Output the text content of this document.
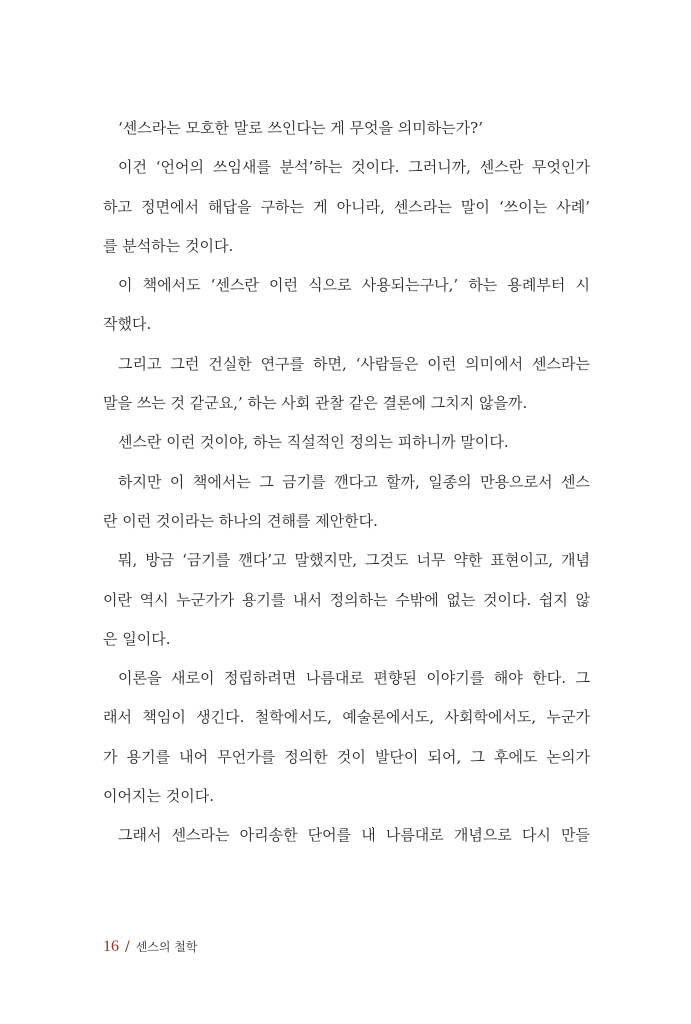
‘센스라는 모호한 말로 쓰인다는 게 무엇을 의미하는가?’
이건 ‘언어의 쓰임새를 분석’하는 것이다. 그러니까, 센스란 무엇인가
하고 정면에서 해답을 구하는 게 아니라, 센스라는 말이 ‘쓰이는 사례’
를 분석하는 것이다.
이 책에서도 ‘센스란 이런 식으로 사용되는구나,’ 하는 용례부터 시
작했다.
그리고 그런 건실한 연구를 하면, ‘사람들은 이런 의미에서 센스라는
말을 쓰는 것 같군요,’ 하는 사회 관찰 같은 결론에 그치지 않을까.
센스란 이런 것이야, 하는 직설적인 정의는 피하니까 말이다.
하지만 이 책에서는 그 금기를 깬다고 할까, 일종의 만용으로서 센스
란 이런 것이라는 하나의 견해를 제안한다.
뭐, 방금 ‘금기를 깬다’고 말했지만, 그것도 너무 약한 표현이고, 개념
이란 역시 누군가가 용기를 내서 정의하는 수밖에 없는 것이다. 쉽지 않
은 일이다.
이론을 새로이 정립하려면 나름대로 편향된 이야기를 해야 한다. 그
래서 책임이 생긴다. 철학에서도, 예술론에서도, 사회학에서도, 누군가
가 용기를 내어 무언가를 정의한 것이 발단이 되어, 그 후에도 논의가
이어지는 것이다.
그래서 센스라는 아리송한 단어를 내 나름대로 개념으로 다시 만들
16 / 센스의 철학
